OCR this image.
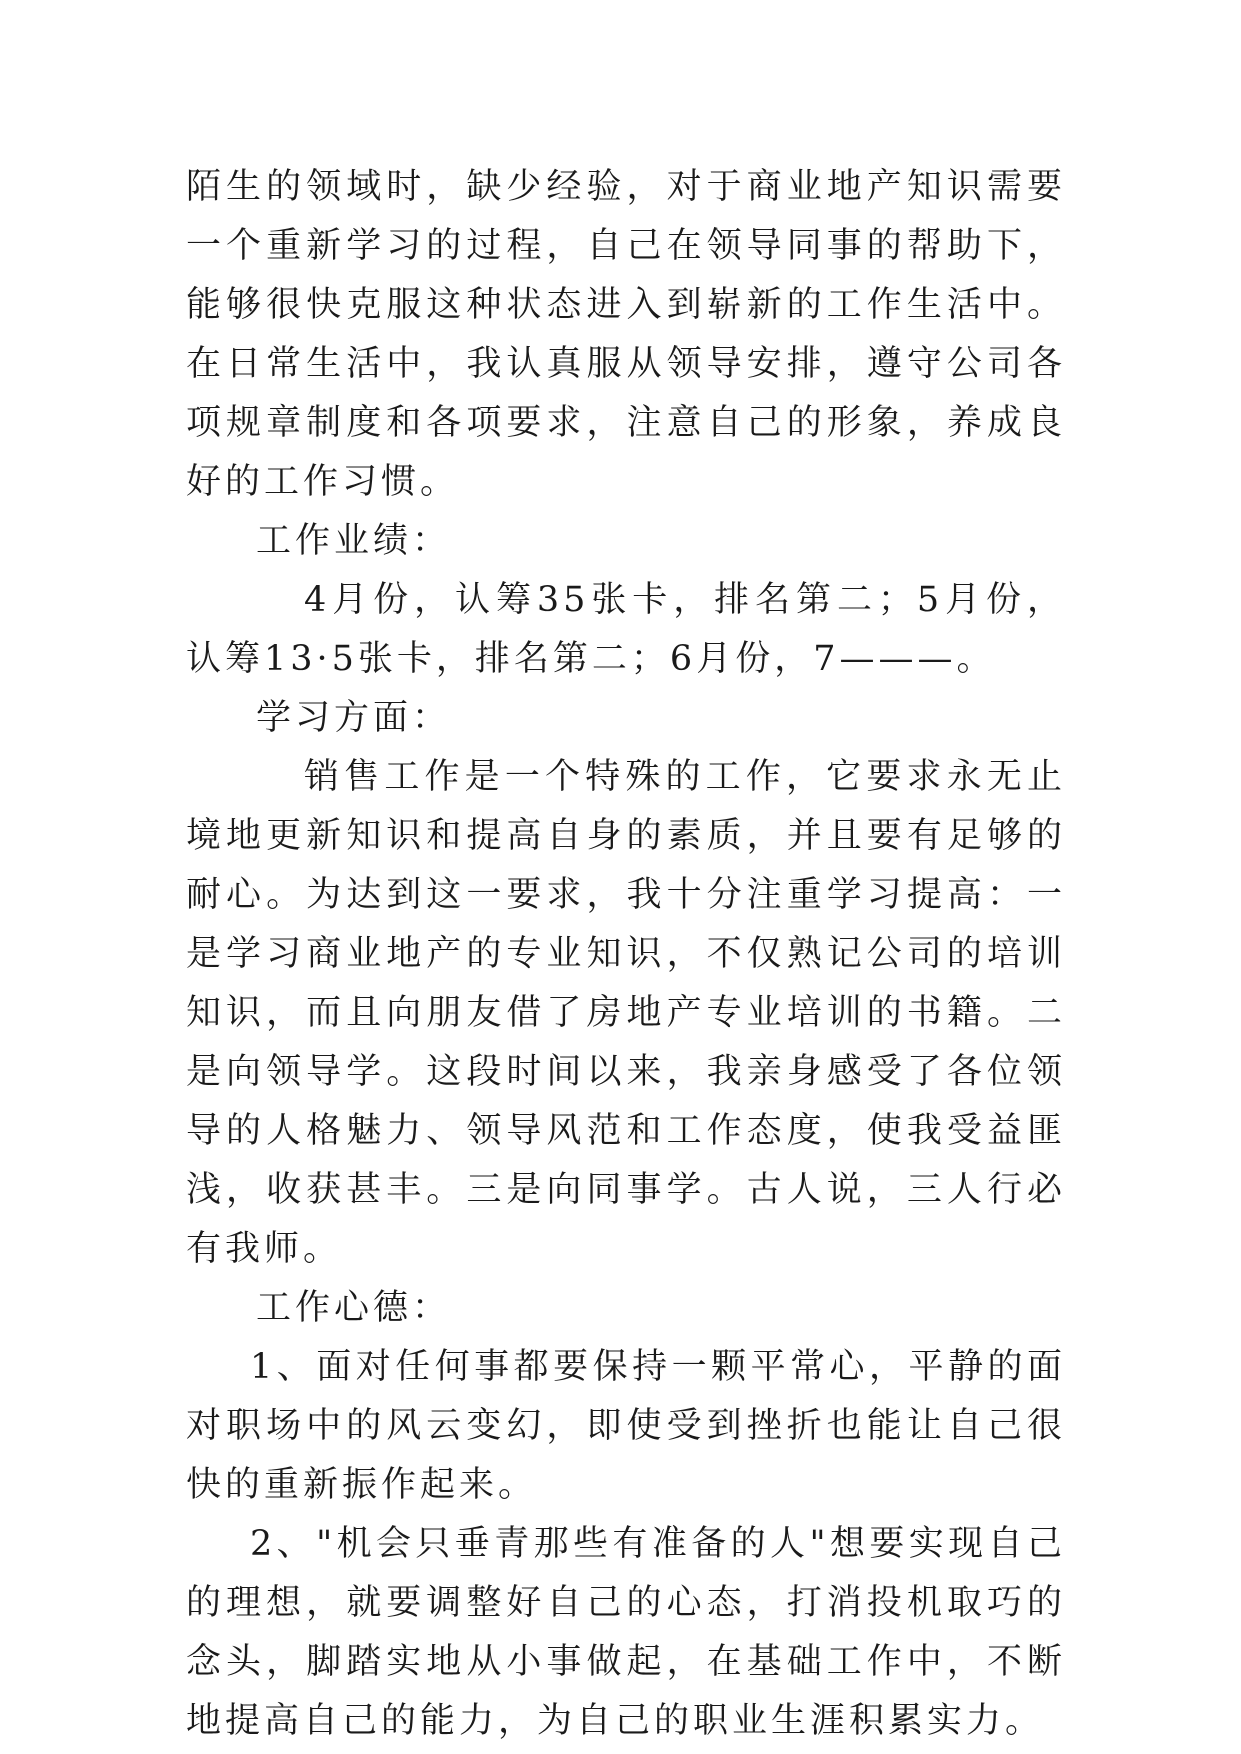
陌生的领域时，缺少经验，对于商业地产知识需要一个重新学习的过程，自己在领导同事的帮助下，能够很快克服这种状态进入到崭新的工作生活中。在日常生活中，我认真服从领导安排，遵守公司各项规章制度和各项要求，注意自己的形象，养成良好的工作习惯。

工作业绩：

4月份，认筹35张卡，排名第二；5月份，认筹13·5张卡，排名第二；6月份，7———。

学习方面：

销售工作是一个特殊的工作，它要求永无止境地更新知识和提高自身的素质，并且要有足够的耐心。为达到这一要求，我十分注重学习提高：一是学习商业地产的专业知识，不仅熟记公司的培训知识，而且向朋友借了房地产专业培训的书籍。二是向领导学。这段时间以来，我亲身感受了各位领导的人格魅力、领导风范和工作态度，使我受益匪浅，收获甚丰。三是向同事学。古人说，三人行必有我师。

工作心德：

1、面对任何事都要保持一颗平常心，平静的面对职场中的风云变幻，即使受到挫折也能让自己很快的重新振作起来。

2、"机会只垂青那些有准备的人"想要实现自己的理想，就要调整好自己的心态，打消投机取巧的念头，脚踏实地从小事做起，在基础工作中，不断地提高自己的能力，为自己的职业生涯积累实力。
